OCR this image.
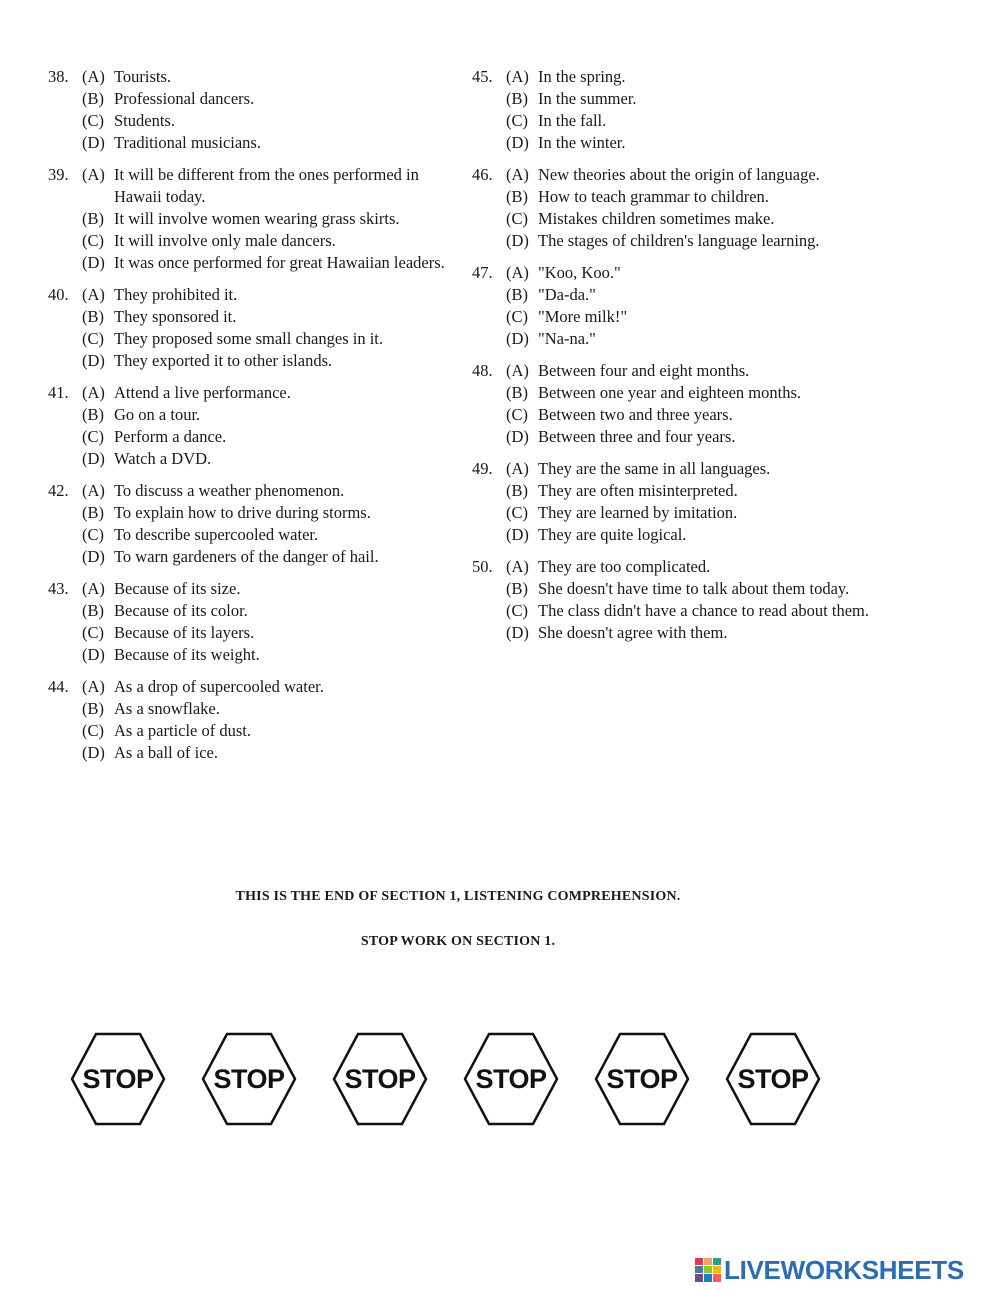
38. (A) Tourists.
(B) Professional dancers.
(C) Students.
(D) Traditional musicians.
39. (A) It will be different from the ones performed in Hawaii today.
(B) It will involve women wearing grass skirts.
(C) It will involve only male dancers.
(D) It was once performed for great Hawaiian leaders.
40. (A) They prohibited it.
(B) They sponsored it.
(C) They proposed some small changes in it.
(D) They exported it to other islands.
41. (A) Attend a live performance.
(B) Go on a tour.
(C) Perform a dance.
(D) Watch a DVD.
42. (A) To discuss a weather phenomenon.
(B) To explain how to drive during storms.
(C) To describe supercooled water.
(D) To warn gardeners of the danger of hail.
43. (A) Because of its size.
(B) Because of its color.
(C) Because of its layers.
(D) Because of its weight.
44. (A) As a drop of supercooled water.
(B) As a snowflake.
(C) As a particle of dust.
(D) As a ball of ice.
45. (A) In the spring.
(B) In the summer.
(C) In the fall.
(D) In the winter.
46. (A) New theories about the origin of language.
(B) How to teach grammar to children.
(C) Mistakes children sometimes make.
(D) The stages of children's language learning.
47. (A) "Koo, Koo."
(B) "Da-da."
(C) "More milk!"
(D) "Na-na."
48. (A) Between four and eight months.
(B) Between one year and eighteen months.
(C) Between two and three years.
(D) Between three and four years.
49. (A) They are the same in all languages.
(B) They are often misinterpreted.
(C) They are learned by imitation.
(D) They are quite logical.
50. (A) They are too complicated.
(B) She doesn't have time to talk about them today.
(C) The class didn't have a chance to read about them.
(D) She doesn't agree with them.
THIS IS THE END OF SECTION 1, LISTENING COMPREHENSION.
STOP WORK ON SECTION 1.
STOP	STOP	STOP	STOP	STOP	STOP
LIVEWORKSHEETS
